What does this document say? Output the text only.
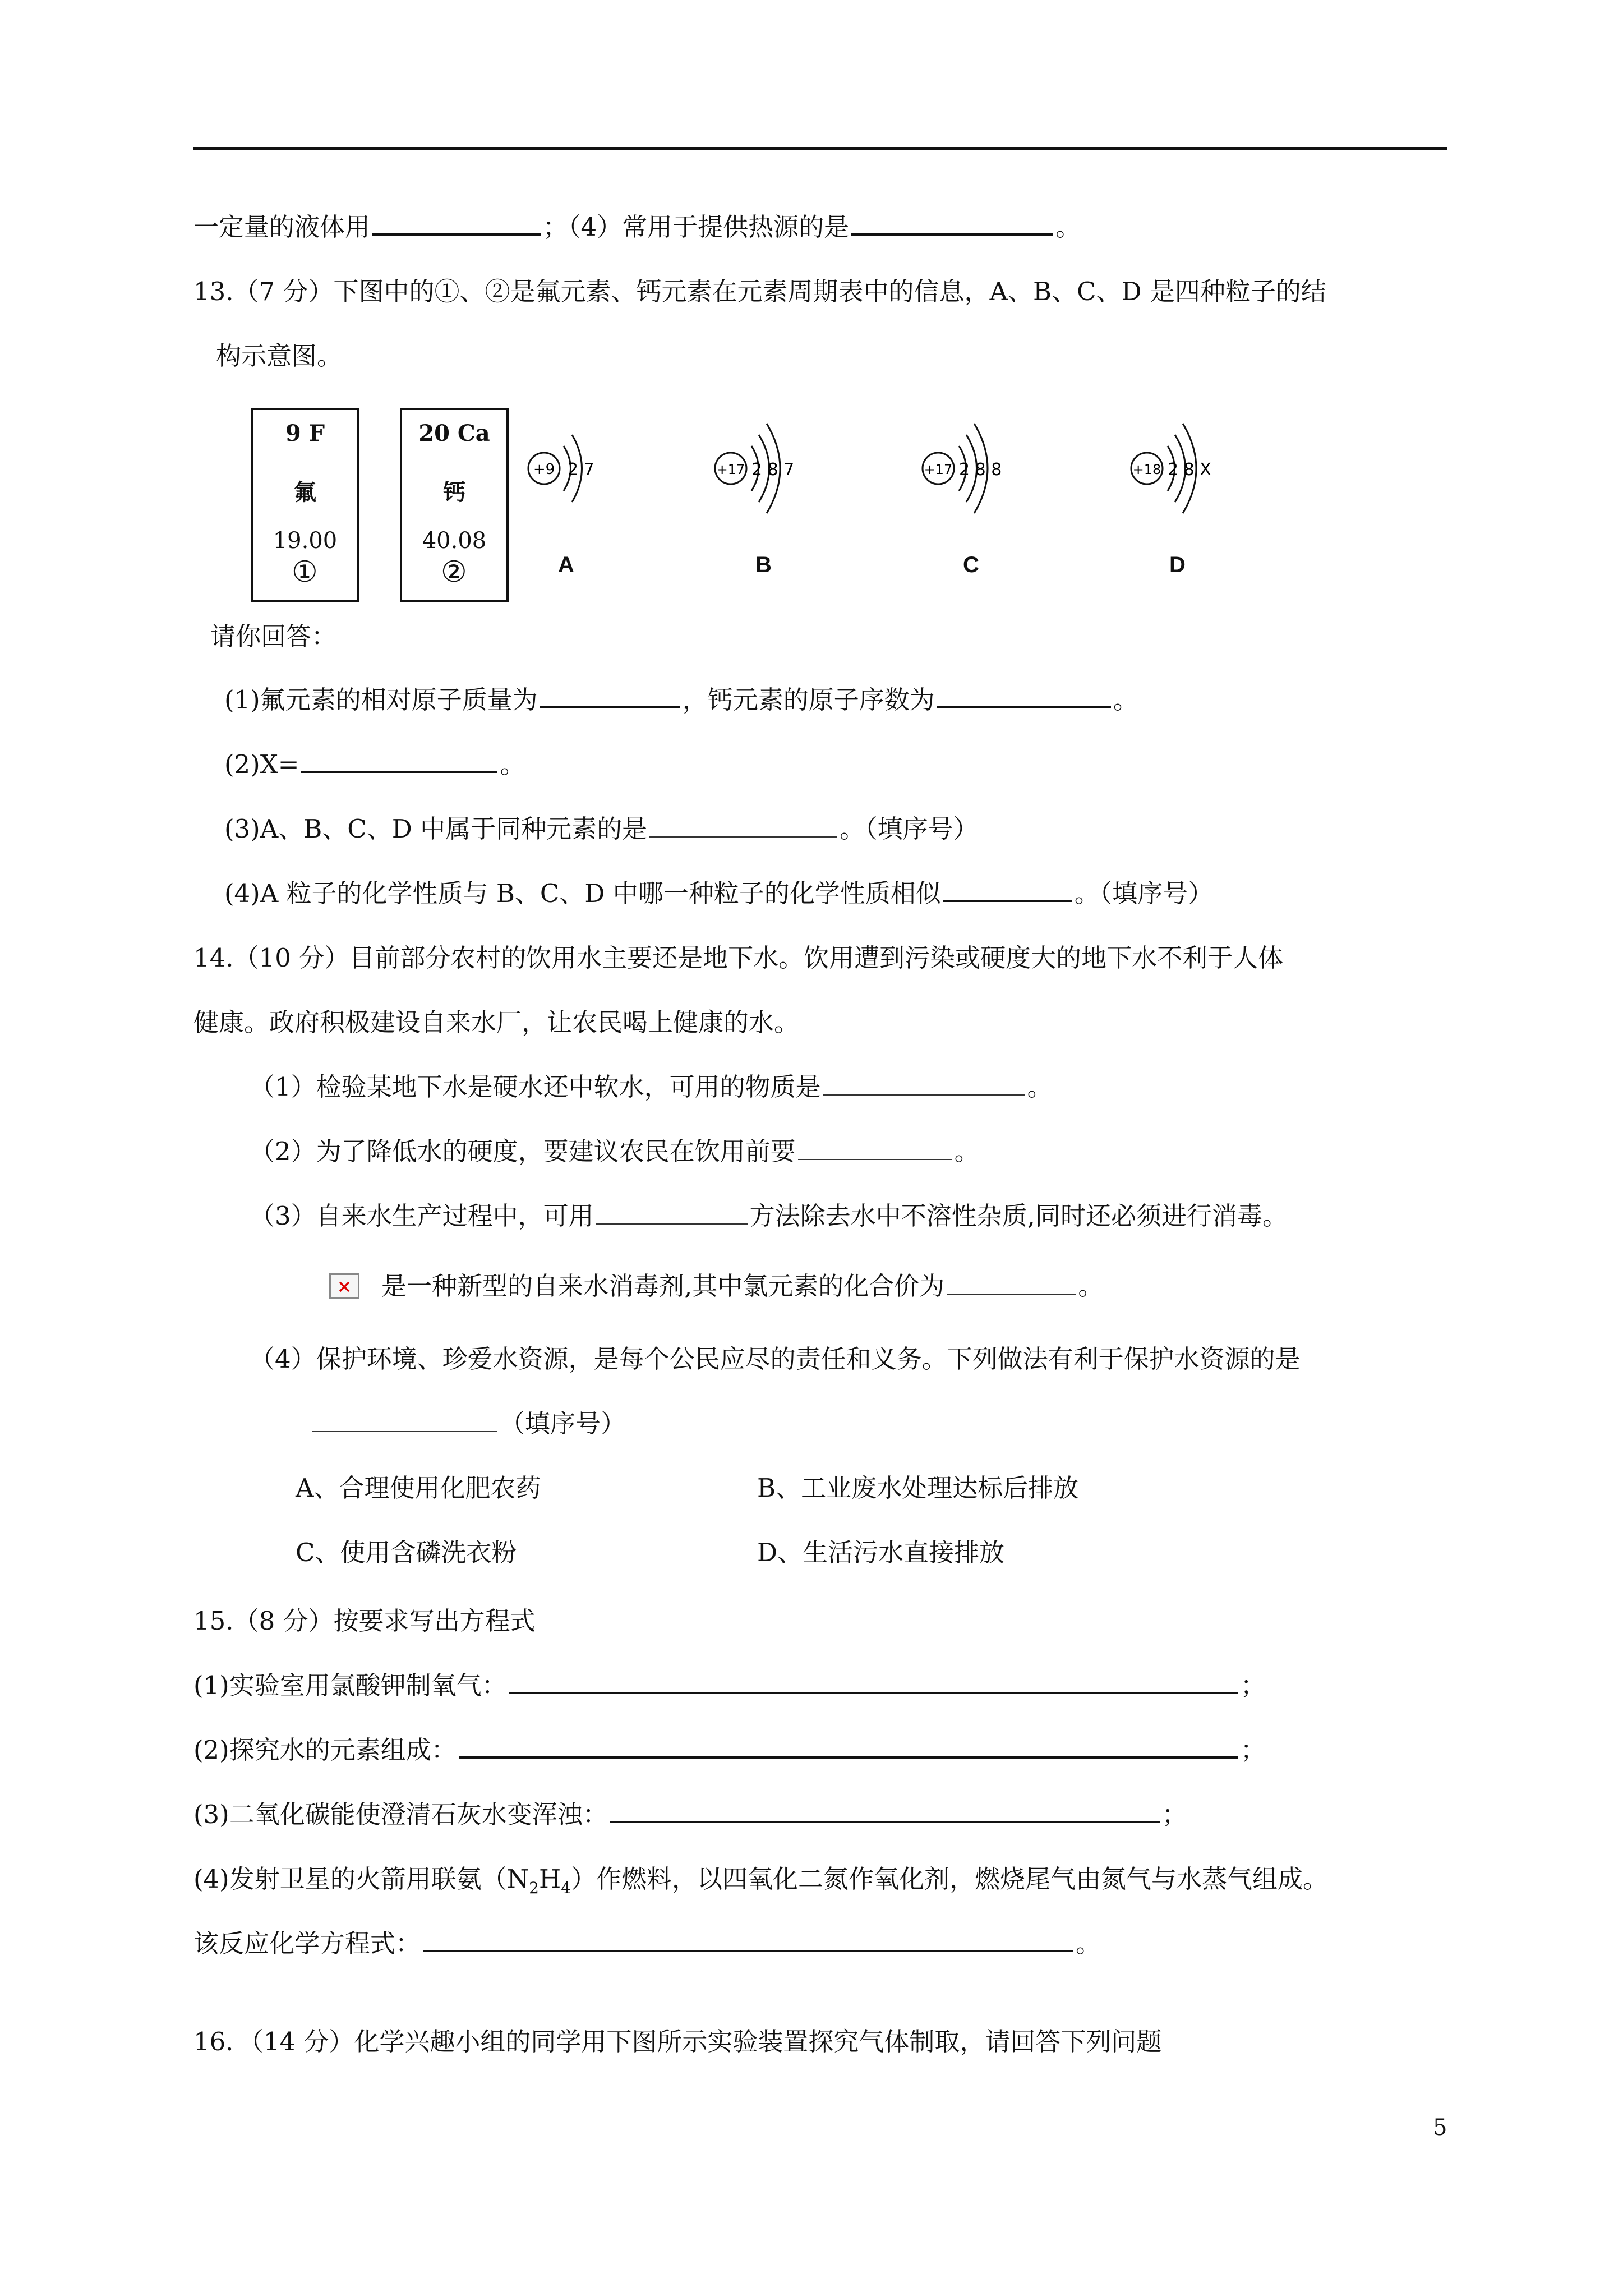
一定量的液体用	；（4）常用于提供热源的是	。
13.（7 分）下图中的①、②是氟元素、钙元素在元素周期表中的信息，A、B、C、D 是四种粒子的结
构示意图。
9 F
氟
19.00
①
20 Ca
钙
40.08
②
+9 2 7	+17 2 8 7	+17 2 8 8	+18 2 8 X
A	B	C	D
请你回答：
(1)氟元素的相对原子质量为	，钙元素的原子序数为	。
(2)X=	。
(3)A、B、C、D 中属于同种元素的是	。（填序号）
(4)A 粒子的化学性质与 B、C、D 中哪一种粒子的化学性质相似	。（填序号）
14.（10 分）目前部分农村的饮用水主要还是地下水。饮用遭到污染或硬度大的地下水不利于人体
健康。政府积极建设自来水厂，让农民喝上健康的水。
（1）检验某地下水是硬水还中软水，可用的物质是	。
（2）为了降低水的硬度，要建议农民在饮用前要	。
（3）自来水生产过程中，可用	方法除去水中不溶性杂质,同时还必须进行消毒。
× 是一种新型的自来水消毒剂,其中氯元素的化合价为	。
（4）保护环境、珍爱水资源，是每个公民应尽的责任和义务。下列做法有利于保护水资源的是
（填序号）
A、合理使用化肥农药	B、工业废水处理达标后排放
C、使用含磷洗衣粉	D、生活污水直接排放
15.（8 分）按要求写出方程式
(1)实验室用氯酸钾制氧气：	；
(2)探究水的元素组成：	；
(3)二氧化碳能使澄清石灰水变浑浊：	；
(4)发射卫星的火箭用联氨$(N_2H_4)$作燃料，以四氧化二氮作氧化剂，燃烧尾气由氮气与水蒸气组成。
该反应化学方程式：	。
16．（14 分）化学兴趣小组的同学用下图所示实验装置探究气体制取，请回答下列问题
5
